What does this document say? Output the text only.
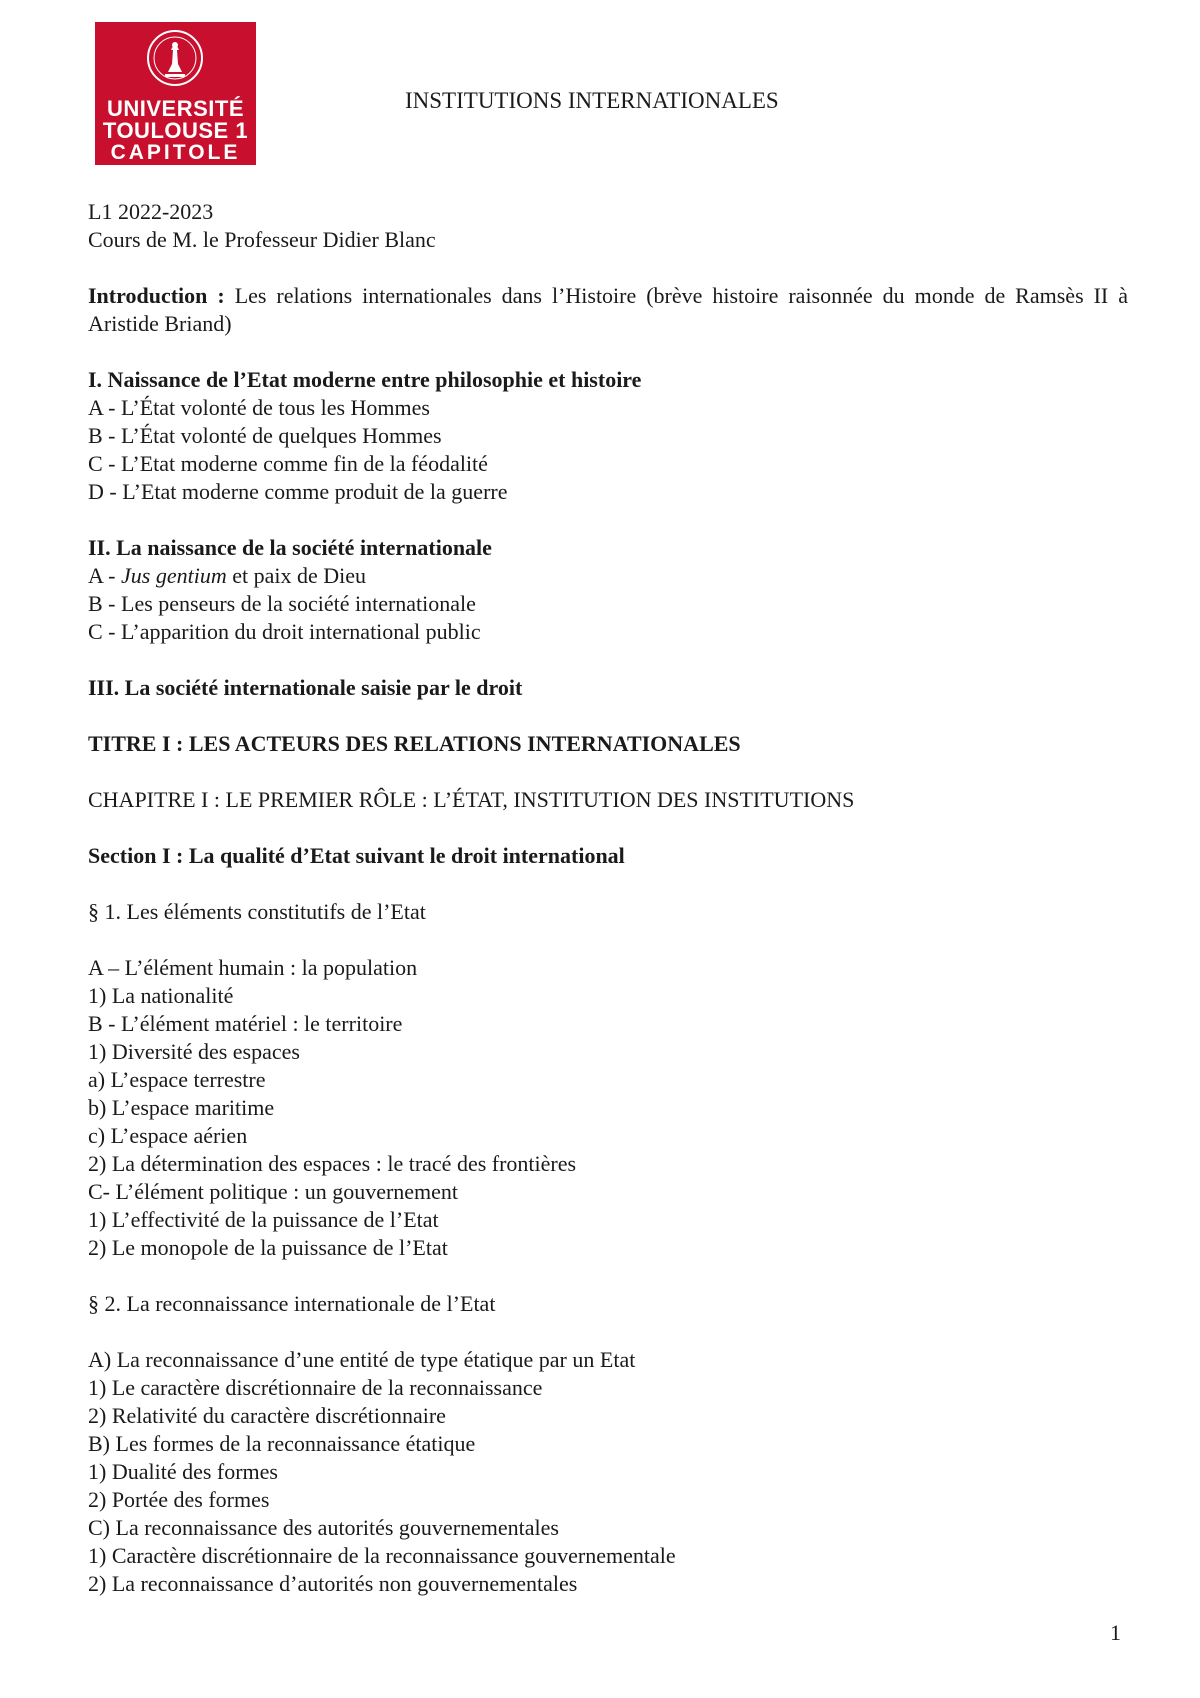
UNIVERSITÉ
TOULOUSE 1
CAPITOLE
INSTITUTIONS INTERNATIONALES
L1 2022-2023
Cours de M. le Professeur Didier Blanc
Introduction : Les relations internationales dans l’Histoire (brève histoire raisonnée du monde de Ramsès II à Aristide Briand)
I. Naissance de l’Etat moderne entre philosophie et histoire
A - L’État volonté de tous les Hommes
B - L’État volonté de quelques Hommes
C - L’Etat moderne comme fin de la féodalité
D - L’Etat moderne comme produit de la guerre
II. La naissance de la société internationale
A - Jus gentium et paix de Dieu
B - Les penseurs de la société internationale
C - L’apparition du droit international public
III. La société internationale saisie par le droit
TITRE I : LES ACTEURS DES RELATIONS INTERNATIONALES
CHAPITRE I : LE PREMIER RÔLE : L’ÉTAT, INSTITUTION DES INSTITUTIONS
Section I : La qualité d’Etat suivant le droit international
§ 1. Les éléments constitutifs de l’Etat
A – L’élément humain : la population
1) La nationalité
B - L’élément matériel : le territoire
1) Diversité des espaces
a) L’espace terrestre
b) L’espace maritime
c) L’espace aérien
2) La détermination des espaces : le tracé des frontières
C- L’élément politique : un gouvernement
1) L’effectivité de la puissance de l’Etat
2) Le monopole de la puissance de l’Etat
§ 2. La reconnaissance internationale de l’Etat
A) La reconnaissance d’une entité de type étatique par un Etat
1) Le caractère discrétionnaire de la reconnaissance
2) Relativité du caractère discrétionnaire
B) Les formes de la reconnaissance étatique
1) Dualité des formes
2) Portée des formes
C) La reconnaissance des autorités gouvernementales
1) Caractère discrétionnaire de la reconnaissance gouvernementale
2) La reconnaissance d’autorités non gouvernementales
1
